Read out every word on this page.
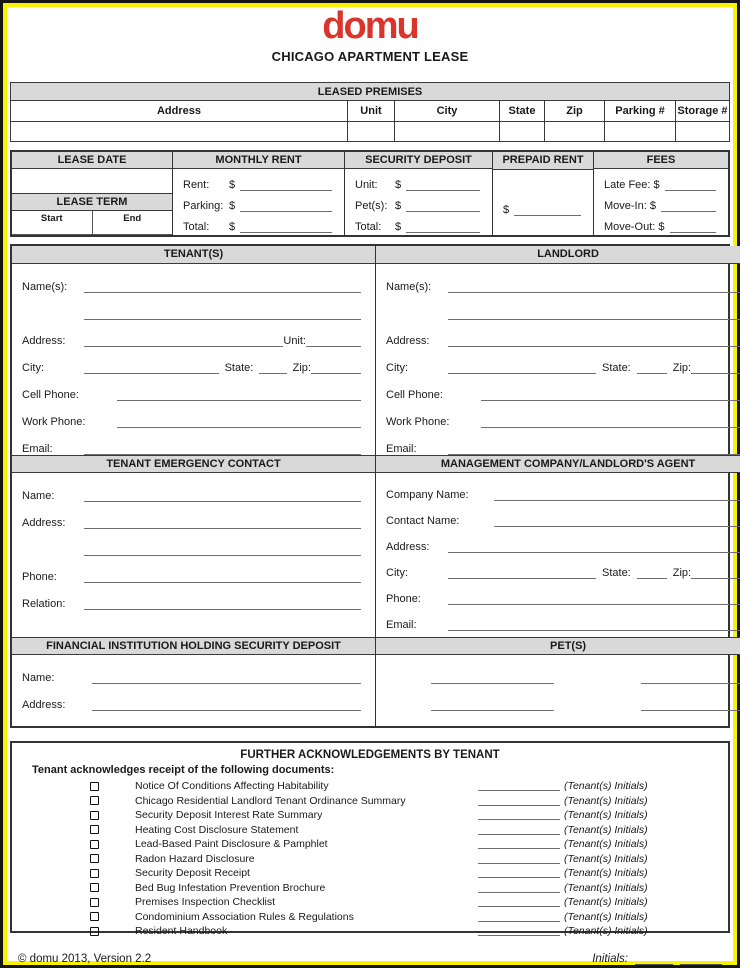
domu
CHICAGO APARTMENT LEASE
LEASED PREMISES						
Address	Unit	City	State	Zip	Parking #	Storage #

LEASE DATE
LEASE TERM
Start	End
MONTHLY RENT
Rent:	$
Parking: $
Total:	$
SECURITY DEPOSIT
Unit:	$
Pet(s): $
Total:	$
PREPAID RENT
$
FEES
Late Fee: $
Move-In: $
Move-Out: $
TENANT(S)
Name(s):
Address:	Unit:
City:	State:	Zip:
Cell Phone:
Work Phone:
Email:
TENANT EMERGENCY CONTACT
Name:
Address:
Phone:
Relation:
FINANCIAL INSTITUTION HOLDING SECURITY DEPOSIT
Name:
Address:
LANDLORD
Name(s):
Address:
City:	State:	Zip:
Cell Phone:
Work Phone:
Email:
MANAGEMENT COMPANY/LANDLORD'S AGENT
Company Name:
Contact Name:
Address:
City:	State:	Zip:
Phone:
Email:
PET(S)
FURTHER ACKNOWLEDGEMENTS BY TENANT
Tenant acknowledges receipt of the following documents:
Notice Of Conditions Affecting Habitability	(Tenant(s) Initials)
Chicago Residential Landlord Tenant Ordinance Summary	(Tenant(s) Initials)
Security Deposit Interest Rate Summary	(Tenant(s) Initials)
Heating Cost Disclosure Statement	(Tenant(s) Initials)
Lead-Based Paint Disclosure & Pamphlet	(Tenant(s) Initials)
Radon Hazard Disclosure	(Tenant(s) Initials)
Security Deposit Receipt	(Tenant(s) Initials)
Bed Bug Infestation Prevention Brochure	(Tenant(s) Initials)
Premises Inspection Checklist	(Tenant(s) Initials)
Condominium Association Rules & Regulations	(Tenant(s) Initials)
Resident Handbook	(Tenant(s) Initials)
© domu 2013, Version 2.2	Initials:
